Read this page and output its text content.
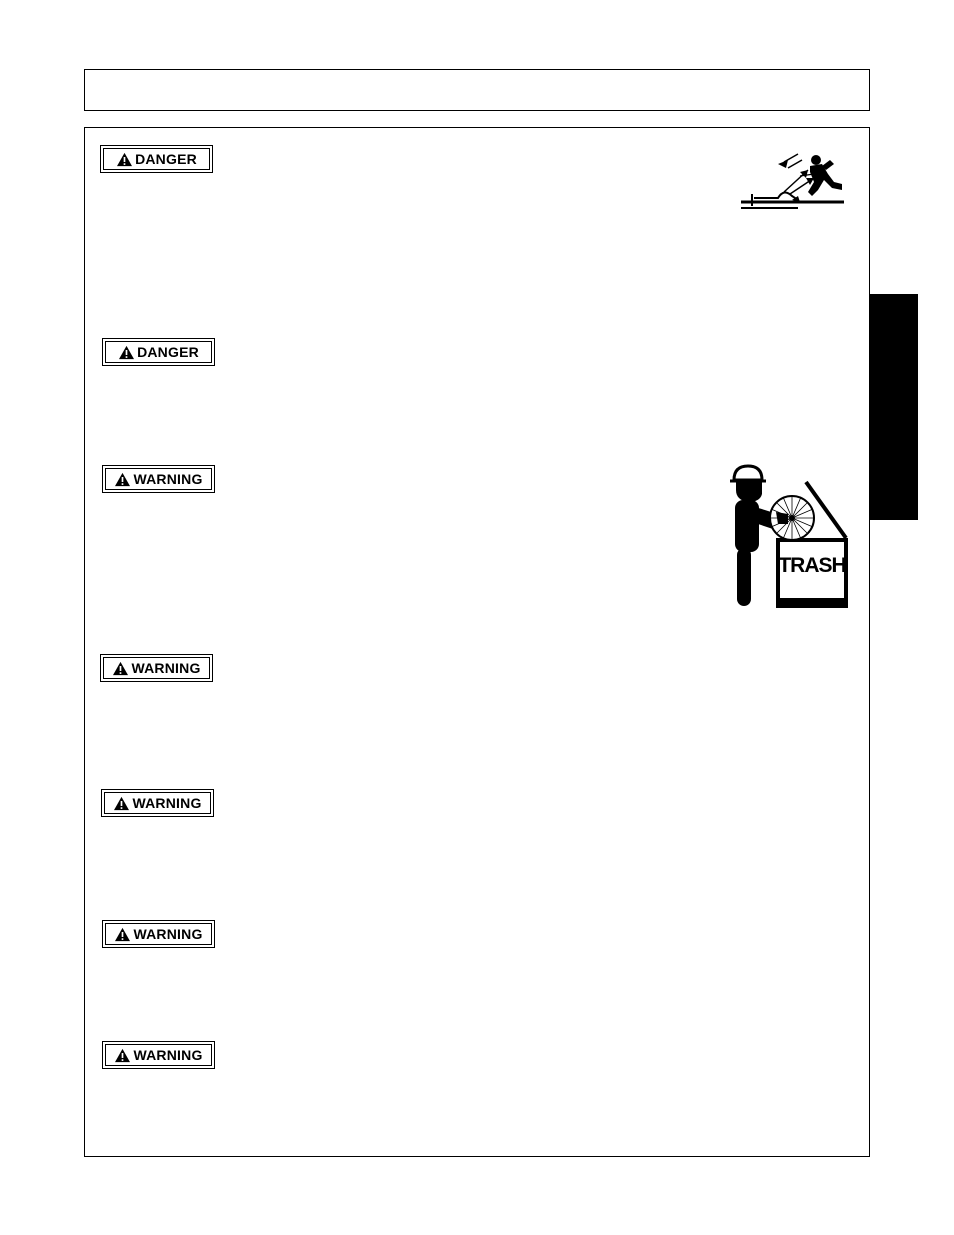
DANGER
DANGER
WARNING
WARNING
WARNING
WARNING
WARNING
TRASH
